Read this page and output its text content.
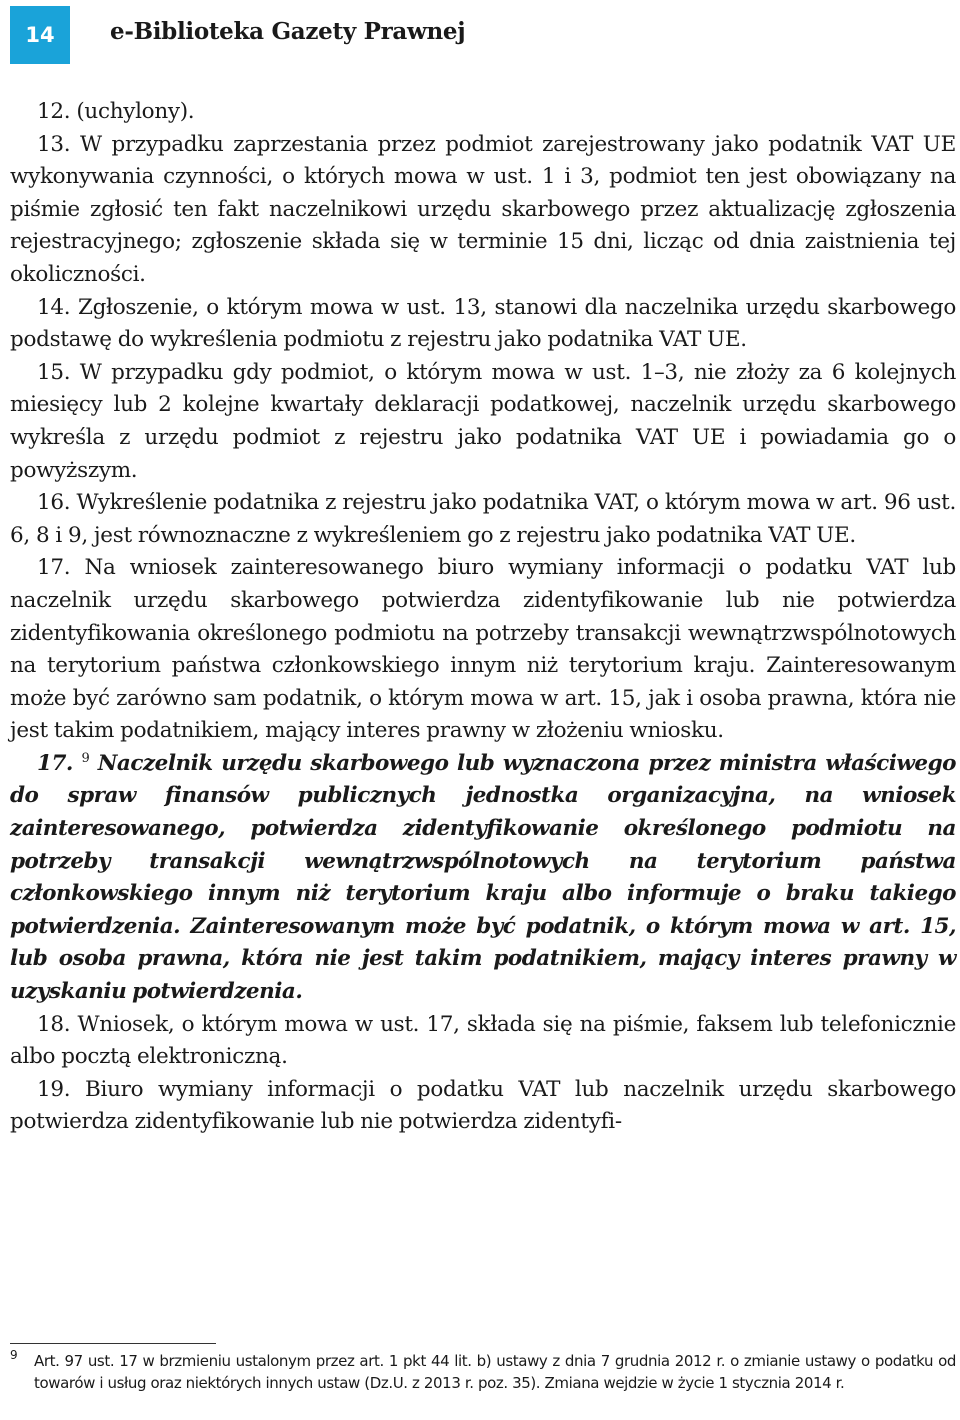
14	e-Biblioteka Gazety Prawnej

12. (uchylony).

13. W przypadku zaprzestania przez podmiot zarejestrowany jako podatnik VAT UE wykonywania czynności, o których mowa w ust. 1 i 3, podmiot ten jest obowiązany na piśmie zgłosić ten fakt naczelnikowi urzędu skarbowego przez aktualizację zgłoszenia rejestracyjnego; zgłoszenie składa się w terminie 15 dni, licząc od dnia zaistnienia tej okoliczności.

14. Zgłoszenie, o którym mowa w ust. 13, stanowi dla naczelnika urzędu skarbowego podstawę do wykreślenia podmiotu z rejestru jako podatnika VAT UE.

15. W przypadku gdy podmiot, o którym mowa w ust. 1–3, nie złoży za 6 kolejnych miesięcy lub 2 kolejne kwartały deklaracji podatkowej, naczelnik urzędu skarbowego wykreśla z urzędu podmiot z rejestru jako podatnika VAT UE i powiadamia go o powyższym.

16. Wykreślenie podatnika z rejestru jako podatnika VAT, o którym mowa w art. 96 ust. 6, 8 i 9, jest równoznaczne z wykreśleniem go z rejestru jako podatnika VAT UE.

17. Na wniosek zainteresowanego biuro wymiany informacji o podatku VAT lub naczelnik urzędu skarbowego potwierdza zidentyfikowanie lub nie potwierdza zidentyfikowania określonego podmiotu na potrzeby transakcji wewnątrzwspólnotowych na terytorium państwa członkowskiego innym niż terytorium kraju. Zainteresowanym może być zarówno sam podatnik, o którym mowa w art. 15, jak i osoba prawna, która nie jest takim podatnikiem, mający interes prawny w złożeniu wniosku.

17. $^9$ Naczelnik urzędu skarbowego lub wyznaczona przez ministra właściwego do spraw finansów publicznych jednostka organizacyjna, na wniosek zainteresowanego, potwierdza zidentyfikowanie określonego podmiotu na potrzeby transakcji wewnątrzwspólnotowych na terytorium państwa członkowskiego innym niż terytorium kraju albo informuje o braku takiego potwierdzenia. Zainteresowanym może być podatnik, o którym mowa w art. 15, lub osoba prawna, która nie jest takim podatnikiem, mający interes prawny w uzyskaniu potwierdzenia.

18. Wniosek, o którym mowa w ust. 17, składa się na piśmie, faksem lub telefonicznie albo pocztą elektroniczną.

19. Biuro wymiany informacji o podatku VAT lub naczelnik urzędu skarbowego potwierdza zidentyfikowanie lub nie potwierdza zidentyfi-

9 Art. 97 ust. 17 w brzmieniu ustalonym przez art. 1 pkt 44 lit. b) ustawy z dnia 7 grudnia 2012 r. o zmianie ustawy o podatku od towarów i usług oraz niektórych innych ustaw (Dz.U. z 2013 r. poz. 35). Zmiana wejdzie w życie 1 stycznia 2014 r.
